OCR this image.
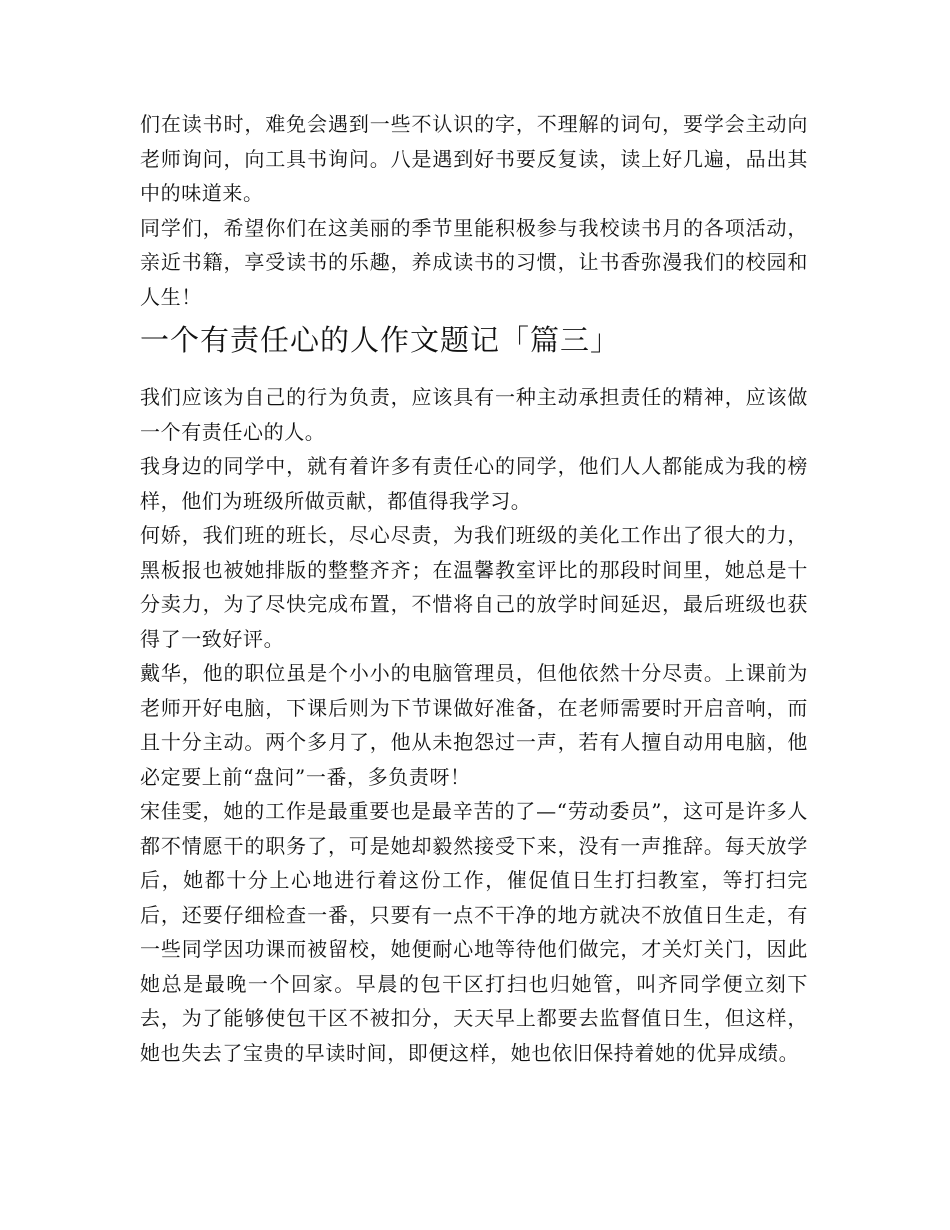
们在读书时，难免会遇到一些不认识的字，不理解的词句，要学会主动向老师询问，向工具书询问。八是遇到好书要反复读，读上好几遍，品出其中的味道来。

同学们，希望你们在这美丽的季节里能积极参与我校读书月的各项活动，亲近书籍，享受读书的乐趣，养成读书的习惯，让书香弥漫我们的校园和人生！

一个有责任心的人作文题记「篇三」

我们应该为自己的行为负责，应该具有一种主动承担责任的精神，应该做一个有责任心的人。

我身边的同学中，就有着许多有责任心的同学，他们人人都能成为我的榜样，他们为班级所做贡献，都值得我学习。

何娇，我们班的班长，尽心尽责，为我们班级的美化工作出了很大的力，黑板报也被她排版的整整齐齐；在温馨教室评比的那段时间里，她总是十分卖力，为了尽快完成布置，不惜将自己的放学时间延迟，最后班级也获得了一致好评。

戴华，他的职位虽是个小小的电脑管理员，但他依然十分尽责。上课前为老师开好电脑，下课后则为下节课做好准备，在老师需要时开启音响，而且十分主动。两个多月了，他从未抱怨过一声，若有人擅自动用电脑，他必定要上前“盘问”一番，多负责呀！

宋佳雯，她的工作是最重要也是最辛苦的了—“劳动委员”，这可是许多人都不情愿干的职务了，可是她却毅然接受下来，没有一声推辞。每天放学后，她都十分上心地进行着这份工作，催促值日生打扫教室，等打扫完后，还要仔细检查一番，只要有一点不干净的地方就决不放值日生走，有一些同学因功课而被留校，她便耐心地等待他们做完，才关灯关门，因此她总是最晚一个回家。早晨的包干区打扫也归她管，叫齐同学便立刻下去，为了能够使包干区不被扣分，天天早上都要去监督值日生，但这样，她也失去了宝贵的早读时间，即便这样，她也依旧保持着她的优异成绩。
